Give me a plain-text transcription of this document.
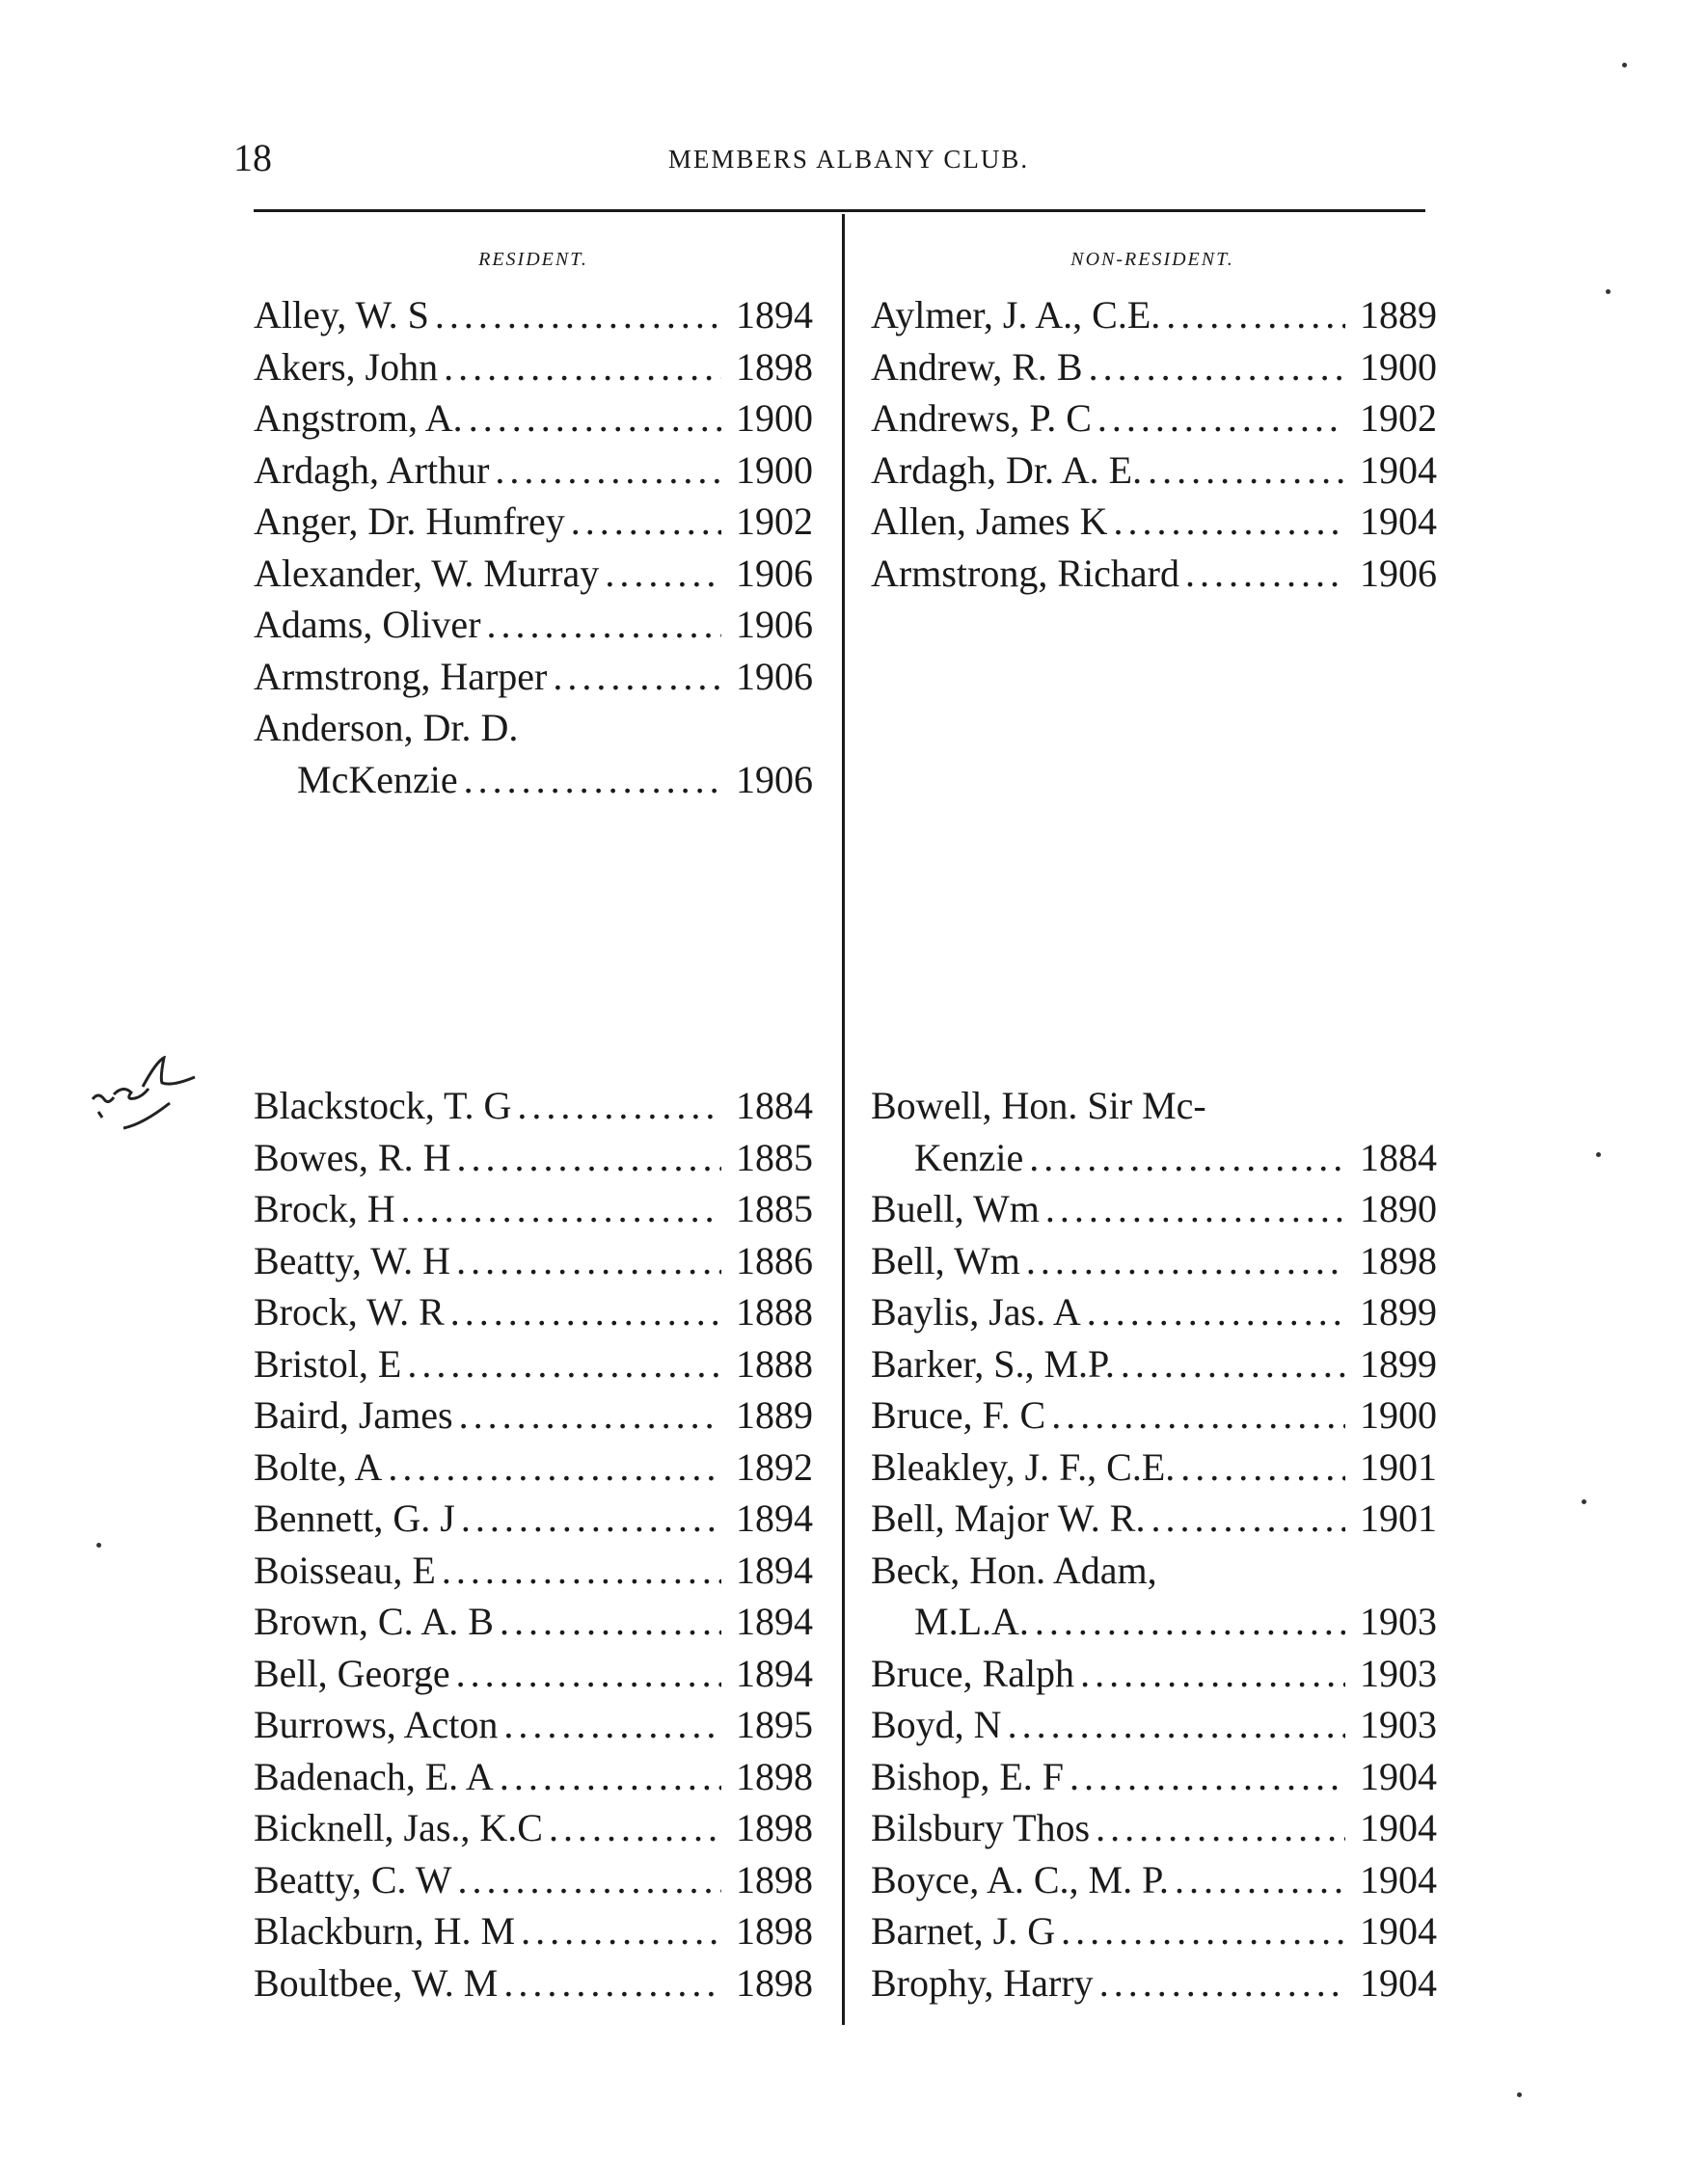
18	MEMBERS ALBANY CLUB.
RESIDENT.	NON-RESIDENT.
Alley, W. S .....	1894
Akers, John .....	1898
Angstrom, A. .....	1900
Ardagh, Arthur .....	1900
Anger, Dr. Humfrey .....	1902
Alexander, W. Murray .....	1906
Adams, Oliver .....	1906
Armstrong, Harper .....	1906
Anderson, Dr. D.
McKenzie .....	1906
Aylmer, J. A., C.E. .....	1889
Andrew, R. B .....	1900
Andrews, P. C .....	1902
Ardagh, Dr. A. E. .....	1904
Allen, James K .....	1904
Armstrong, Richard .....	1906
Blackstock, T. G .....	1884
Bowes, R. H .....	1885
Brock, H .....	1885
Beatty, W. H .....	1886
Brock, W. R .....	1888
Bristol, E .....	1888
Baird, James .....	1889
Bolte, A .....	1892
Bennett, G. J .....	1894
Boisseau, E .....	1894
Brown, C. A. B .....	1894
Bell, George .....	1894
Burrows, Acton .....	1895
Badenach, E. A .....	1898
Bicknell, Jas., K.C .....	1898
Beatty, C. W .....	1898
Blackburn, H. M .....	1898
Boultbee, W. M .....	1898
Bowell, Hon. Sir Mc-
Kenzie .....	1884
Buell, Wm .....	1890
Bell, Wm .....	1898
Baylis, Jas. A .....	1899
Barker, S., M.P. .....	1899
Bruce, F. C .....	1900
Bleakley, J. F., C.E. .....	1901
Bell, Major W. R. .....	1901
Beck, Hon. Adam,
M.L.A. .....	1903
Bruce, Ralph .....	1903
Boyd, N .....	1903
Bishop, E. F .....	1904
Bilsbury Thos .....	1904
Boyce, A. C., M. P. .....	1904
Barnet, J. G .....	1904
Brophy, Harry .....	1904
